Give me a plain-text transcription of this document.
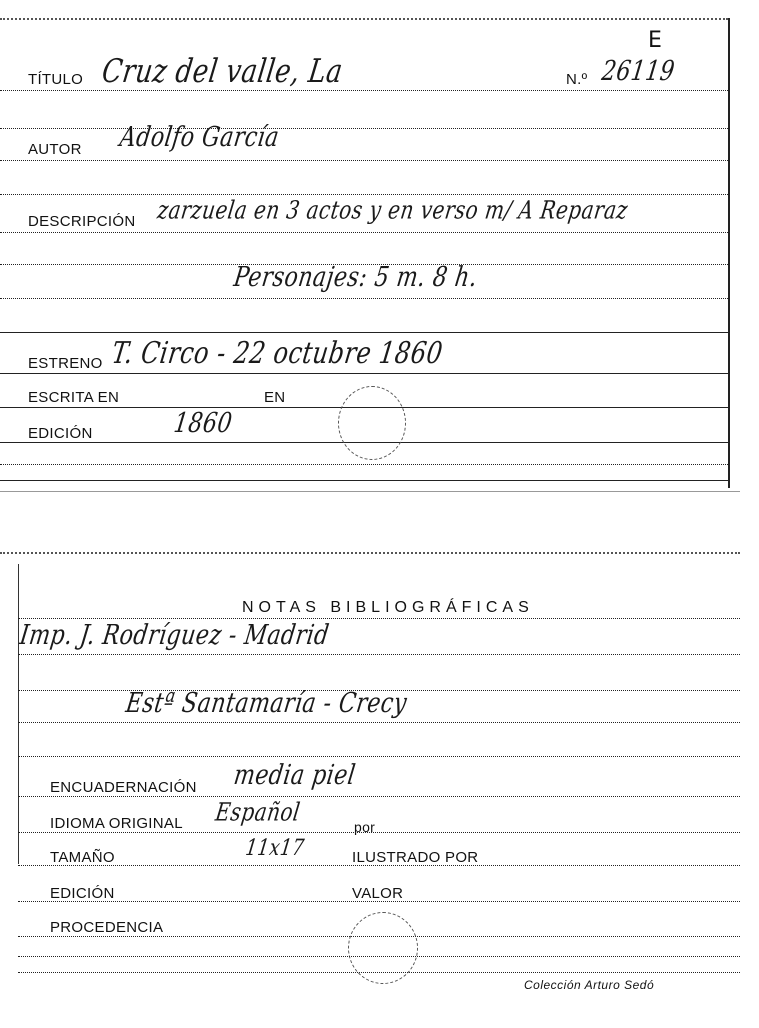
E
TÍTULO Cruz del valle, La	N.º 26119
AUTOR Adolfo García
DESCRIPCIÓN zarzuela en 3 actos y en verso m/ A Reparaz
Personajes: 5 m. 8 h.
ESTRENO T. Circo - 22 octubre 1860
ESCRITA EN	EN
EDICIÓN	1860
NOTAS BIBLIOGRÁFICAS
Imp. J. Rodríguez - Madrid
Estª Santamaría - Crecy
ENCUADERNACIÓN media piel
IDIOMA ORIGINAL Español
por
TAMAÑO	11x17	ILUSTRADO POR
EDICIÓN	VALOR
PROCEDENCIA
Colección Arturo Sedó
